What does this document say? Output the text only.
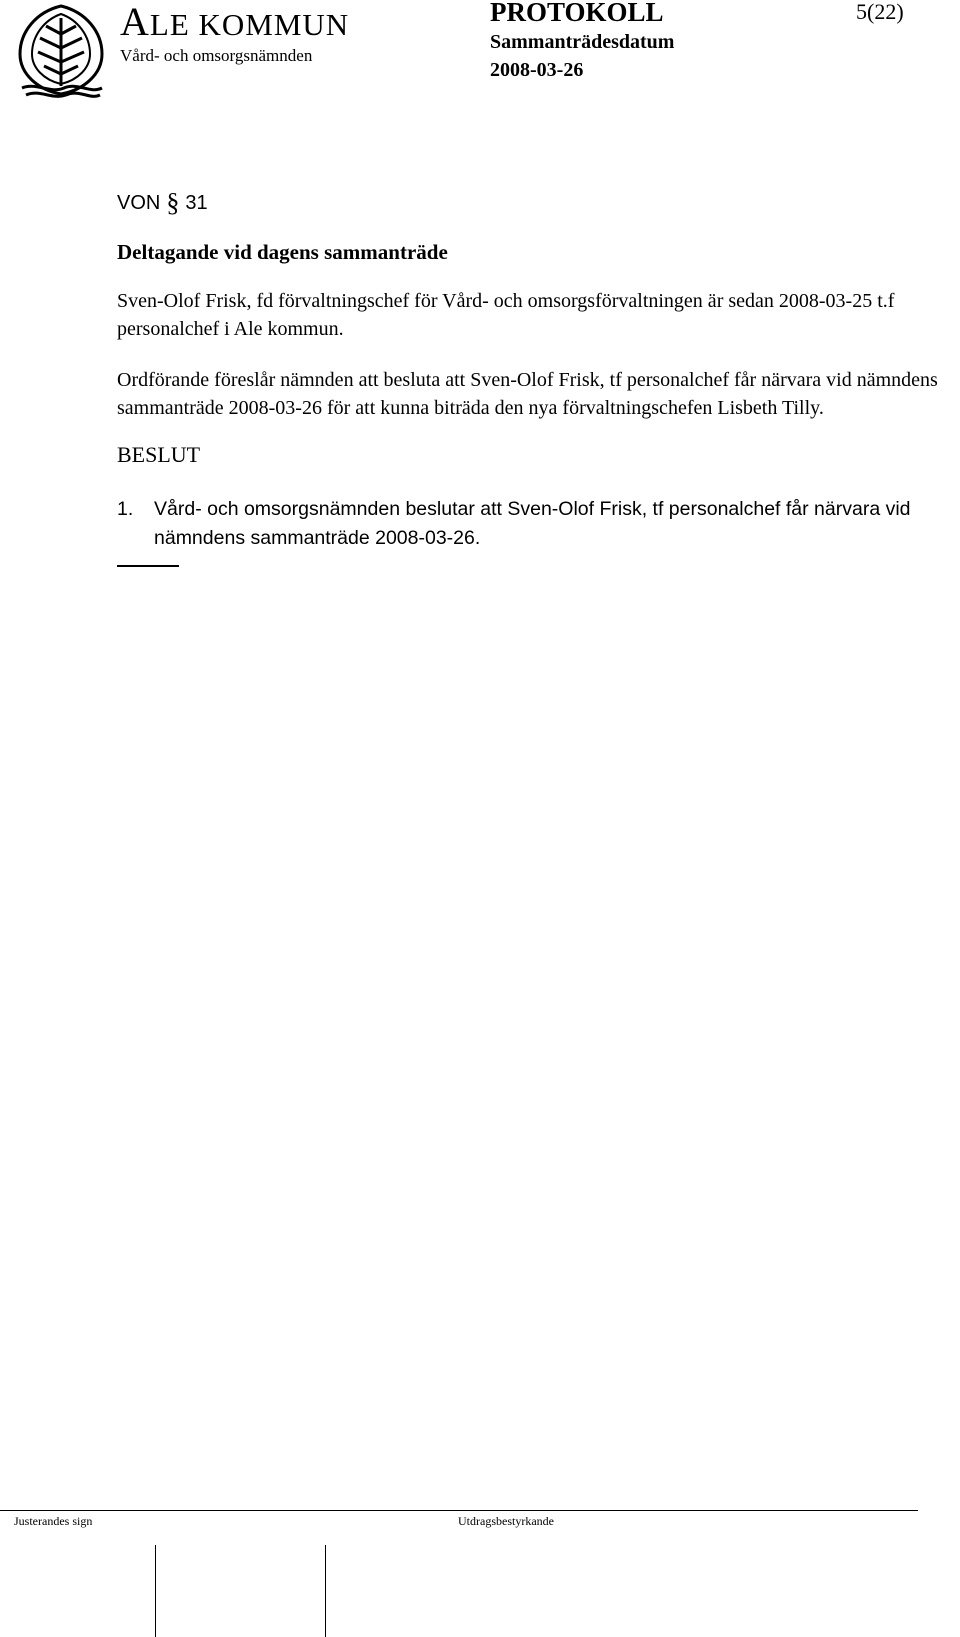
ALE KOMMUN
Vård- och omsorgsnämnden
PROTOKOLL
Sammanträdesdatum
2008-03-26
5(22)
VON § 31
Deltagande vid dagens sammanträde

Sven-Olof Frisk, fd förvaltningschef för Vård- och omsorgsförvaltningen är sedan 2008-03-25 t.f personalchef i Ale kommun.

Ordförande föreslår nämnden att besluta att Sven-Olof Frisk, tf personalchef får närvara vid nämndens sammanträde 2008-03-26 för att kunna biträda den nya förvaltningschefen Lisbeth Tilly.

BESLUT
1.	Vård- och omsorgsnämnden beslutar att Sven-Olof Frisk, tf personalchef får närvara vid nämndens sammanträde 2008-03-26.
Justerandes sign	Utdragsbestyrkande
